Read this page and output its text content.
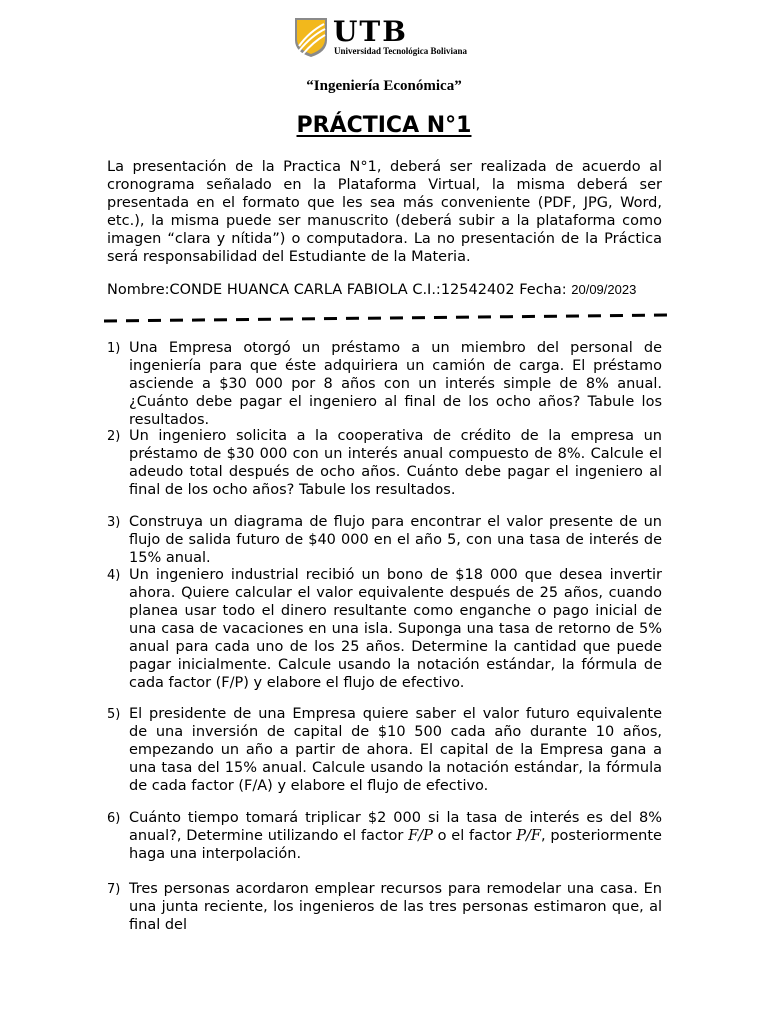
UTB
Universidad Tecnológica Boliviana
“Ingeniería Económica”
PRÁCTICA N°1
La presentación de la Practica N°1, deberá ser realizada de acuerdo al cronograma señalado en la Plataforma Virtual, la misma deberá ser presentada en el formato que les sea más conveniente (PDF, JPG, Word, etc.), la misma puede ser manuscrito (deberá subir a la plataforma como imagen “clara y nítida”) o computadora. La no presentación de la Práctica será responsabilidad del Estudiante de la Materia.
Nombre:CONDE HUANCA CARLA FABIOLA C.I.:12542402 Fecha: 20/09/2023
1) Una Empresa otorgó un préstamo a un miembro del personal de ingeniería para que éste adquiriera un camión de carga. El préstamo asciende a $30 000 por 8 años con un interés simple de 8% anual. ¿Cuánto debe pagar el ingeniero al final de los ocho años? Tabule los resultados.
2) Un ingeniero solicita a la cooperativa de crédito de la empresa un préstamo de $30 000 con un interés anual compuesto de 8%. Calcule el adeudo total después de ocho años. Cuánto debe pagar el ingeniero al final de los ocho años? Tabule los resultados.
3) Construya un diagrama de flujo para encontrar el valor presente de un flujo de salida futuro de $40 000 en el año 5, con una tasa de interés de 15% anual.
4) Un ingeniero industrial recibió un bono de $18 000 que desea invertir ahora. Quiere calcular el valor equivalente después de 25 años, cuando planea usar todo el dinero resultante como enganche o pago inicial de una casa de vacaciones en una isla. Suponga una tasa de retorno de 5% anual para cada uno de los 25 años. Determine la cantidad que puede pagar inicialmente. Calcule usando la notación estándar, la fórmula de cada factor (F/P) y elabore el flujo de efectivo.
5) El presidente de una Empresa quiere saber el valor futuro equivalente de una inversión de capital de $10 500 cada año durante 10 años, empezando un año a partir de ahora. El capital de la Empresa gana a una tasa del 15% anual. Calcule usando la notación estándar, la fórmula de cada factor (F/A) y elabore el flujo de efectivo.
6) Cuánto tiempo tomará triplicar $2 000 si la tasa de interés es del 8% anual?, Determine utilizando el factor F/P o el factor P/F, posteriormente haga una interpolación.
7) Tres personas acordaron emplear recursos para remodelar una casa. En una junta reciente, los ingenieros de las tres personas estimaron que, al final del
